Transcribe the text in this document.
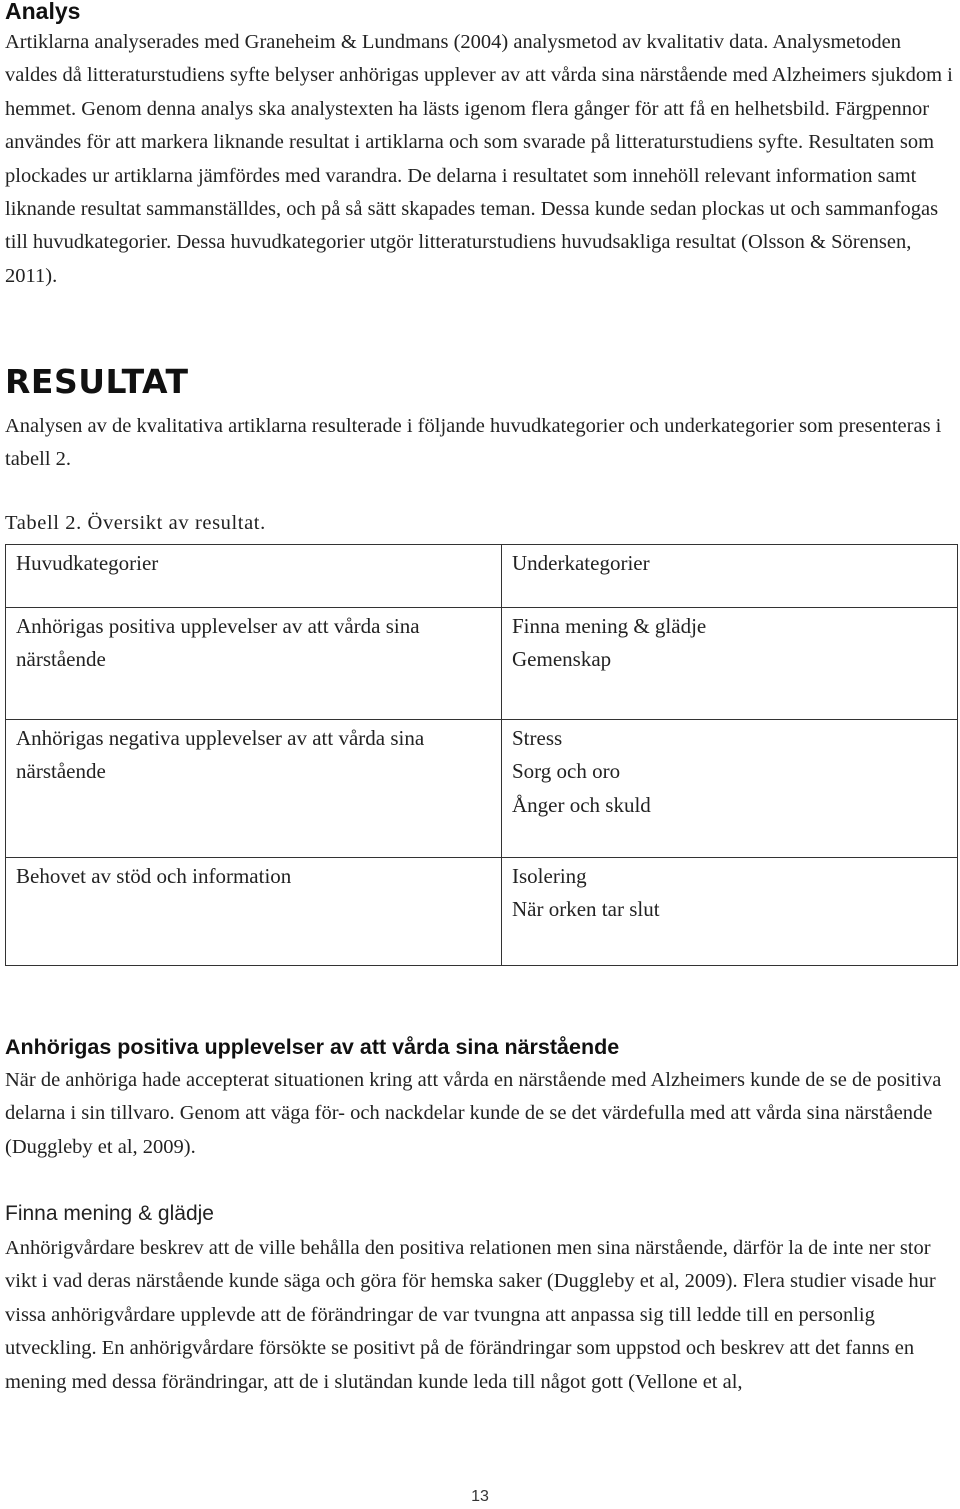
Analys

Artiklarna analyserades med Graneheim & Lundmans (2004) analysmetod av kvalitativ data. Analysmetoden valdes då litteraturstudiens syfte belyser anhörigas upplever av att vårda sina närstående med Alzheimers sjukdom i hemmet. Genom denna analys ska analystexten ha lästs igenom flera gånger för att få en helhetsbild. Färgpennor användes för att markera liknande resultat i artiklarna och som svarade på litteraturstudiens syfte. Resultaten som plockades ur artiklarna jämfördes med varandra. De delarna i resultatet som innehöll relevant information samt liknande resultat sammanställdes, och på så sätt skapades teman. Dessa kunde sedan plockas ut och sammanfogas till huvudkategorier. Dessa huvudkategorier utgör litteraturstudiens huvudsakliga resultat (Olsson & Sörensen, 2011).

RESULTAT

Analysen av de kvalitativa artiklarna resulterade i följande huvudkategorier och underkategorier som presenteras i tabell 2.

Tabell 2. Översikt av resultat.

Huvudkategorier	Underkategorier
Anhörigas positiva upplevelser av att vårda sina närstående	Finna mening & glädje
Gemenskap

Anhörigas negativa upplevelser av att vårda sina närstående	Stress
Sorg och oro
Ånger och skuld

Behovet av stöd och information	Isolering
När orken tar slut
Anhörigas positiva upplevelser av att vårda sina närstående

När de anhöriga hade accepterat situationen kring att vårda en närstående med Alzheimers kunde de se de positiva delarna i sin tillvaro. Genom att väga för- och nackdelar kunde de se det värdefulla med att vårda sina närstående (Duggleby et al, 2009).

Finna mening & glädje

Anhörigvårdare beskrev att de ville behålla den positiva relationen men sina närstående, därför la de inte ner stor vikt i vad deras närstående kunde säga och göra för hemska saker (Duggleby et al, 2009). Flera studier visade hur vissa anhörigvårdare upplevde att de förändringar de var tvungna att anpassa sig till ledde till en personlig utveckling. En anhörigvårdare försökte se positivt på de förändringar som uppstod och beskrev att det fanns en mening med dessa förändringar, att de i slutändan kunde leda till något gott (Vellone et al,

13
